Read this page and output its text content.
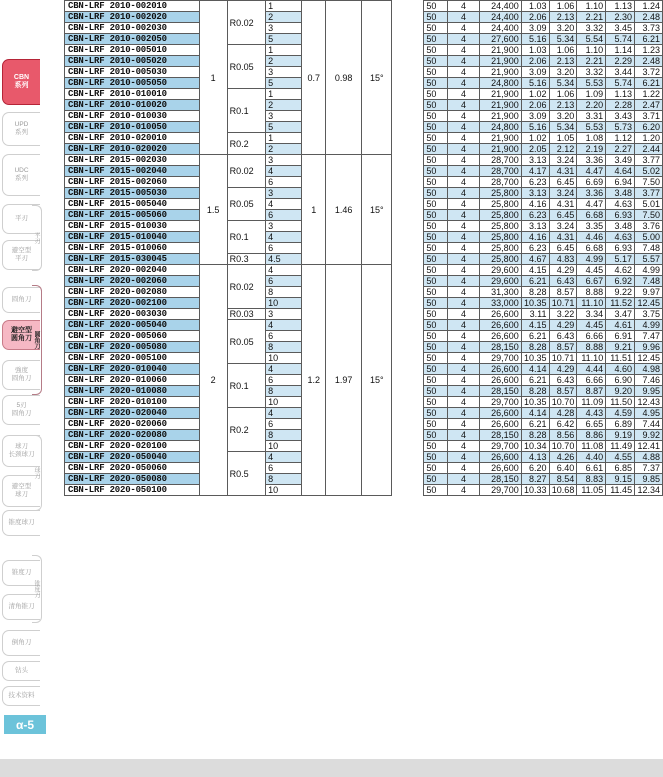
CBN
系列
UPD
系列
UDC
系列
平刃
避空型
平刃
圆角刀
避空型
圆角刀
強度
圆角刀
5刃
圆角刀
球刀
长颈球刀
避空型
球刀
锥度球刀
锥度刀
清角锥刀
倒角刀
钻头
技术资料
平刃
圆角刀
球刀
锥度刀
α-5
CBN-LRF 2010-002010	1	R0.02	1	0.7	0.98	15°		50	4	24,400	1.03	1.06	1.10	1.13	1.24
CBN-LRF 2010-002020			2					50	4	24,400	2.06	2.13	2.21	2.30	2.48
CBN-LRF 2010-002030			3					50	4	24,400	3.09	3.20	3.32	3.45	3.73
CBN-LRF 2010-002050			5					50	4	27,600	5.16	5.34	5.54	5.74	6.21
CBN-LRF 2010-005010		R0.05	1					50	4	21,900	1.03	1.06	1.10	1.14	1.23
CBN-LRF 2010-005020			2					50	4	21,900	2.06	2.13	2.21	2.29	2.48
CBN-LRF 2010-005030			3					50	4	21,900	3.09	3.20	3.32	3.44	3.72
CBN-LRF 2010-005050			5					50	4	24,800	5.16	5.34	5.53	5.74	6.21
CBN-LRF 2010-010010		R0.1	1					50	4	21,900	1.02	1.06	1.09	1.13	1.22
CBN-LRF 2010-010020			2					50	4	21,900	2.06	2.13	2.20	2.28	2.47
CBN-LRF 2010-010030			3					50	4	21,900	3.09	3.20	3.31	3.43	3.71
CBN-LRF 2010-010050			5					50	4	24,800	5.16	5.34	5.53	5.73	6.20
CBN-LRF 2010-020010		R0.2	1					50	4	21,900	1.02	1.05	1.08	1.12	1.20
CBN-LRF 2010-020020			2					50	4	21,900	2.05	2.12	2.19	2.27	2.44
CBN-LRF 2015-002030	1.5	R0.02	3	1	1.46	15°		50	4	28,700	3.13	3.24	3.36	3.49	3.77
CBN-LRF 2015-002040			4					50	4	28,700	4.17	4.31	4.47	4.64	5.02
CBN-LRF 2015-002060			6					50	4	28,700	6.23	6.45	6.69	6.94	7.50
CBN-LRF 2015-005030		R0.05	3					50	4	25,800	3.13	3.24	3.36	3.48	3.77
CBN-LRF 2015-005040			4					50	4	25,800	4.16	4.31	4.47	4.63	5.01
CBN-LRF 2015-005060			6					50	4	25,800	6.23	6.45	6.68	6.93	7.50
CBN-LRF 2015-010030		R0.1	3					50	4	25,800	3.13	3.24	3.35	3.48	3.76
CBN-LRF 2015-010040			4					50	4	25,800	4.16	4.31	4.46	4.63	5.00
CBN-LRF 2015-010060			6					50	4	25,800	6.23	6.45	6.68	6.93	7.48
CBN-LRF 2015-030045		R0.3	4.5					50	4	25,800	4.67	4.83	4.99	5.17	5.57
CBN-LRF 2020-002040	2	R0.02	4	1.2	1.97	15°		50	4	29,600	4.15	4.29	4.45	4.62	4.99
CBN-LRF 2020-002060			6					50	4	29,600	6.21	6.43	6.67	6.92	7.48
CBN-LRF 2020-002080			8					50	4	31,300	8.28	8.57	8.88	9.22	9.97
CBN-LRF 2020-002100			10					50	4	33,000	10.35	10.71	11.10	11.52	12.45
CBN-LRF 2020-003030		R0.03	3					50	4	26,600	3.11	3.22	3.34	3.47	3.75
CBN-LRF 2020-005040		R0.05	4					50	4	26,600	4.15	4.29	4.45	4.61	4.99
CBN-LRF 2020-005060			6					50	4	26,600	6.21	6.43	6.66	6.91	7.47
CBN-LRF 2020-005080			8					50	4	28,150	8.28	8.57	8.88	9.21	9.96
CBN-LRF 2020-005100			10					50	4	29,700	10.35	10.71	11.10	11.51	12.45
CBN-LRF 2020-010040		R0.1	4					50	4	26,600	4.14	4.29	4.44	4.60	4.98
CBN-LRF 2020-010060			6					50	4	26,600	6.21	6.43	6.66	6.90	7.46
CBN-LRF 2020-010080			8					50	4	28,150	8.28	8.57	8.87	9.20	9.95
CBN-LRF 2020-010100			10					50	4	29,700	10.35	10.70	11.09	11.50	12.43
CBN-LRF 2020-020040		R0.2	4					50	4	26,600	4.14	4.28	4.43	4.59	4.95
CBN-LRF 2020-020060			6					50	4	26,600	6.21	6.42	6.65	6.89	7.44
CBN-LRF 2020-020080			8					50	4	28,150	8.28	8.56	8.86	9.19	9.92
CBN-LRF 2020-020100			10					50	4	29,700	10.34	10.70	11.08	11.49	12.41
CBN-LRF 2020-050040		R0.5	4					50	4	26,600	4.13	4.26	4.40	4.55	4.88
CBN-LRF 2020-050060			6					50	4	26,600	6.20	6.40	6.61	6.85	7.37
CBN-LRF 2020-050080			8					50	4	28,150	8.27	8.54	8.83	9.15	9.85
CBN-LRF 2020-050100			10					50	4	29,700	10.33	10.68	11.05	11.45	12.34
